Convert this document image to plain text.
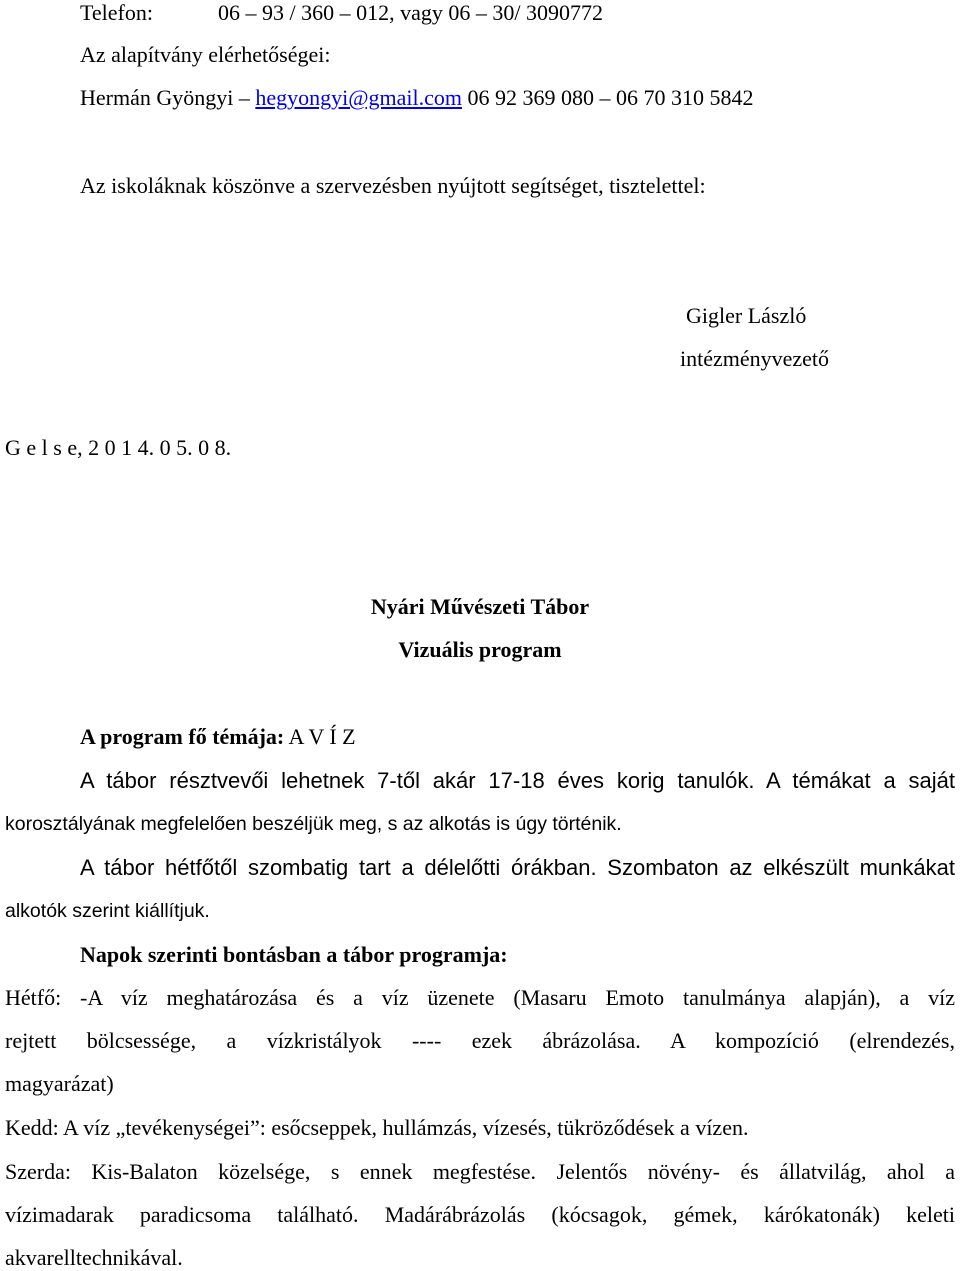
Telefon:	06 – 93 / 360 – 012, vagy 06 – 30/ 3090772
Az alapítvány elérhetőségei:
Hermán Gyöngyi – hegyongyi@gmail.com 06 92 369 080 – 06 70 310 5842
Az iskoláknak köszönve a szervezésben nyújtott segítséget, tisztelettel:
Gigler László
intézményvezető
G e l s e, 2 0 1 4. 0 5. 0 8.
Nyári Művészeti Tábor
Vizuális program
A program fő témája: A V Í Z
A tábor résztvevői lehetnek 7-től akár 17-18 éves korig tanulók. A témákat a saját
korosztályának megfelelően beszéljük meg, s az alkotás is úgy történik.
A tábor hétfőtől szombatig tart a délelőtti órákban. Szombaton az elkészült munkákat
alkotók szerint kiállítjuk.
Napok szerinti bontásban a tábor programja:
Hétfő: -A víz meghatározása és a víz üzenete (Masaru Emoto tanulmánya alapján), a víz
rejtett bölcsessége, a vízkristályok ---- ezek ábrázolása. A kompozíció (elrendezés,
magyarázat)
Kedd: A víz „tevékenységei”: esőcseppek, hullámzás, vízesés, tükröződések a vízen.
Szerda: Kis-Balaton közelsége, s ennek megfestése. Jelentős növény- és állatvilág, ahol a
vízimadarak paradicsoma található. Madárábrázolás (kócsagok, gémek, kárókatonák) keleti
akvarelltechnikával.
